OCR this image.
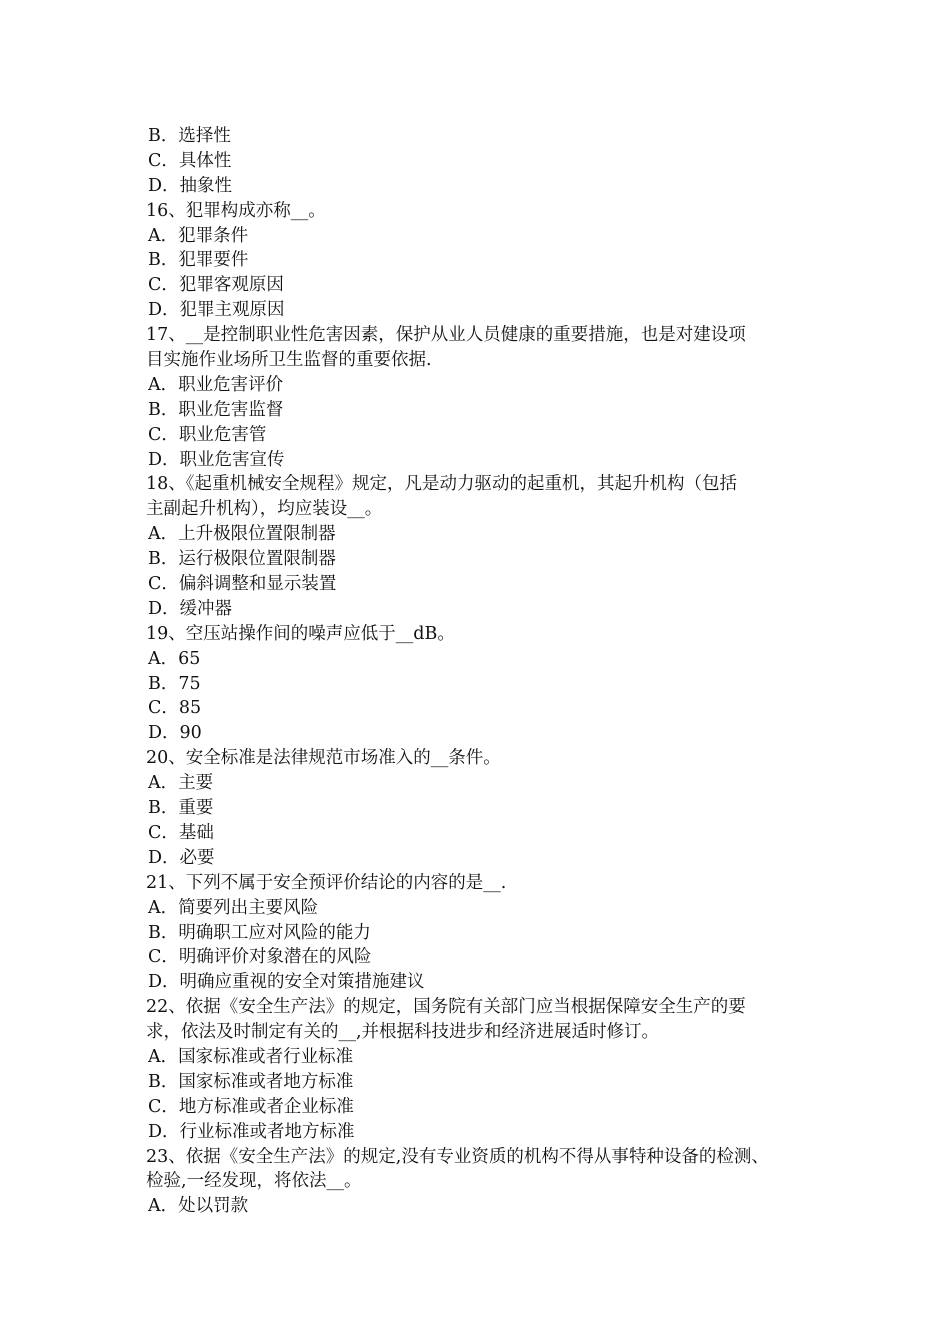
B．选择性
C．具体性
D．抽象性
16、犯罪构成亦称__。
A．犯罪条件
B．犯罪要件
C．犯罪客观原因
D．犯罪主观原因
17、__是控制职业性危害因素，保护从业人员健康的重要措施，也是对建设项
目实施作业场所卫生监督的重要依据.
A．职业危害评价
B．职业危害监督
C．职业危害管
D．职业危害宣传
18、《起重机械安全规程》规定，凡是动力驱动的起重机，其起升机构（包括
主副起升机构），均应装设__。
A．上升极限位置限制器
B．运行极限位置限制器
C．偏斜调整和显示装置
D．缓冲器
19、空压站操作间的噪声应低于__dB。
A．65
B．75
C．85
D．90
20、安全标准是法律规范市场准入的__条件。
A．主要
B．重要
C．基础
D．必要
21、下列不属于安全预评价结论的内容的是__.
A．简要列出主要风险
B．明确职工应对风险的能力
C．明确评价对象潜在的风险
D．明确应重视的安全对策措施建议
22、依据《安全生产法》的规定，国务院有关部门应当根据保障安全生产的要
求，依法及时制定有关的__,并根据科技进步和经济进展适时修订。
A．国家标准或者行业标准
B．国家标准或者地方标准
C．地方标准或者企业标准
D．行业标准或者地方标准
23、依据《安全生产法》的规定,没有专业资质的机构不得从事特种设备的检测、
检验,一经发现，将依法__。
A．处以罚款
